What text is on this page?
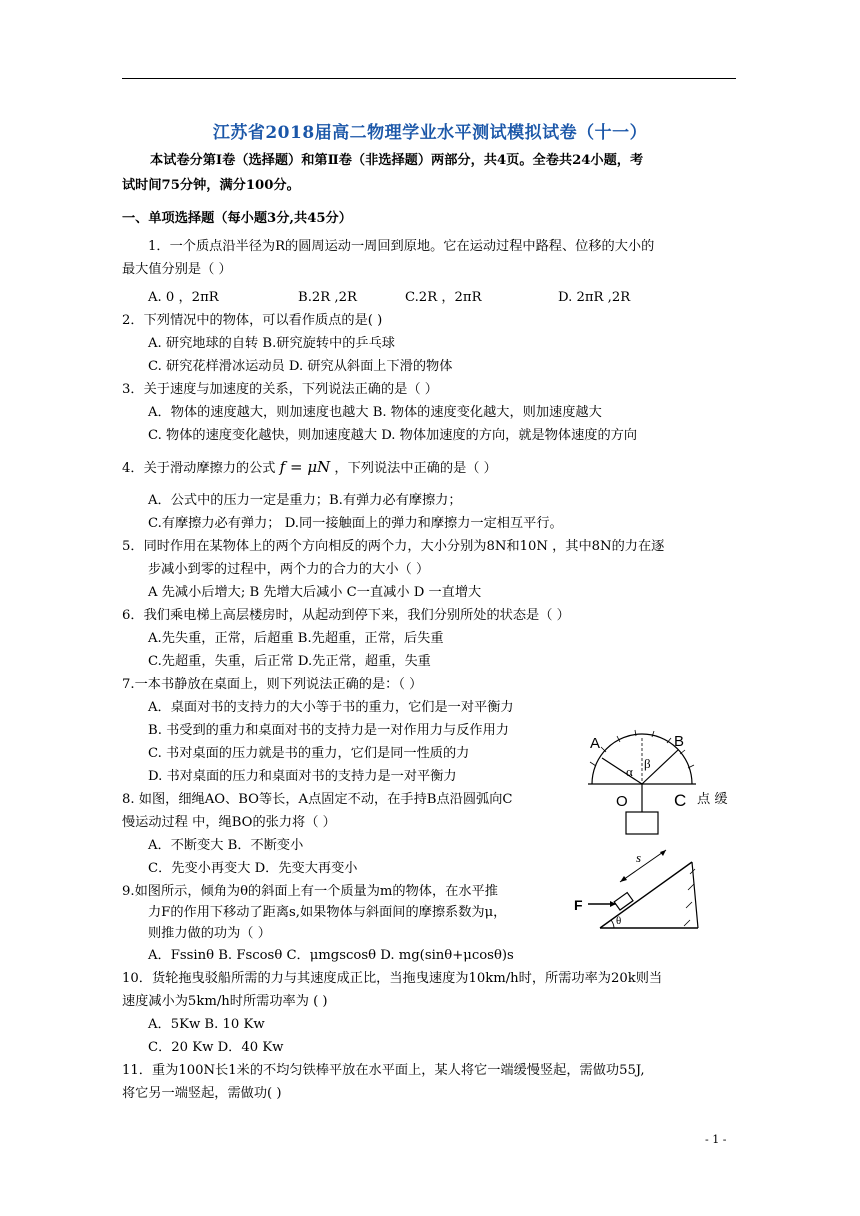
江苏省2018届高二物理学业水平测试模拟试卷（十一）
本试卷分第Ⅰ卷（选择题）和第Ⅱ卷（非选择题）两部分，共4页。全卷共24小题，考
试时间75分钟，满分100分。
一、单项选择题（每小题3分,共45分）
1．一个质点沿半径为R的圆周运动一周回到原地。它在运动过程中路程、位移的大小的
最大值分别是（ ）
A. 0 ，2πR	B.2R ,2R	C.2R ，2πR	D. 2πR ,2R
2．下列情况中的物体，可以看作质点的是( )
A. 研究地球的自转 B.研究旋转中的乒乓球
C. 研究花样滑冰运动员 D. 研究从斜面上下滑的物体
3．关于速度与加速度的关系，下列说法正确的是（ ）
A．物体的速度越大，则加速度也越大 B. 物体的速度变化越大，则加速度越大
C. 物体的速度变化越快，则加速度越大 D. 物体加速度的方向，就是物体速度的方向
4．关于滑动摩擦力的公式 f = μN ，下列说法中正确的是（ ）
A．公式中的压力一定是重力；B.有弹力必有摩擦力；
C.有摩擦力必有弹力； D.同一接触面上的弹力和摩擦力一定相互平行。
5．同时作用在某物体上的两个方向相反的两个力，大小分别为8N和10N ，其中8N的力在逐
步减小到零的过程中，两个力的合力的大小（ ）
A 先减小后增大; B 先增大后减小 C一直减小 D 一直增大
6．我们乘电梯上高层楼房时，从起动到停下来，我们分别所处的状态是（ ）
A.先失重，正常，后超重 B.先超重，正常，后失重
C.先超重，失重，后正常 D.先正常，超重，失重
7.一本书静放在桌面上，则下列说法正确的是：（ ）
A．桌面对书的支持力的大小等于书的重力，它们是一对平衡力
B. 书受到的重力和桌面对书的支持力是一对作用力与反作用力
C. 书对桌面的压力就是书的重力，它们是同一性质的力
D. 书对桌面的压力和桌面对书的支持力是一对平衡力
8. 如图，细绳AO、BO等长，A点固定不动，在手持B点沿圆弧向C	点 缓
慢运动过程 中，绳BO的张力将（ ）
A．不断变大 B．不断变小
C．先变小再变大 D．先变大再变小
A	B
O	C
α
β
9.如图所示，倾角为θ的斜面上有一个质量为m的物体，在水平推
力F的作用下移动了距离s,如果物体与斜面间的摩擦系数为μ，
则推力做的功为（ ）
A．Fssinθ B. Fscosθ C．μmgscosθ D. mg(sinθ+μcosθ)s
F
s
θ
10．货轮拖曳驳船所需的力与其速度成正比，当拖曳速度为10km/h时，所需功率为20k则当
速度减小为5km/h时所需功率为 ( )
A．5Kw B. 10 Kw
C．20 Kw D．40 Kw
11．重为100N长1米的不均匀铁棒平放在水平面上，某人将它一端缓慢竖起，需做功55J,
将它另一端竖起，需做功( )
- 1 -
